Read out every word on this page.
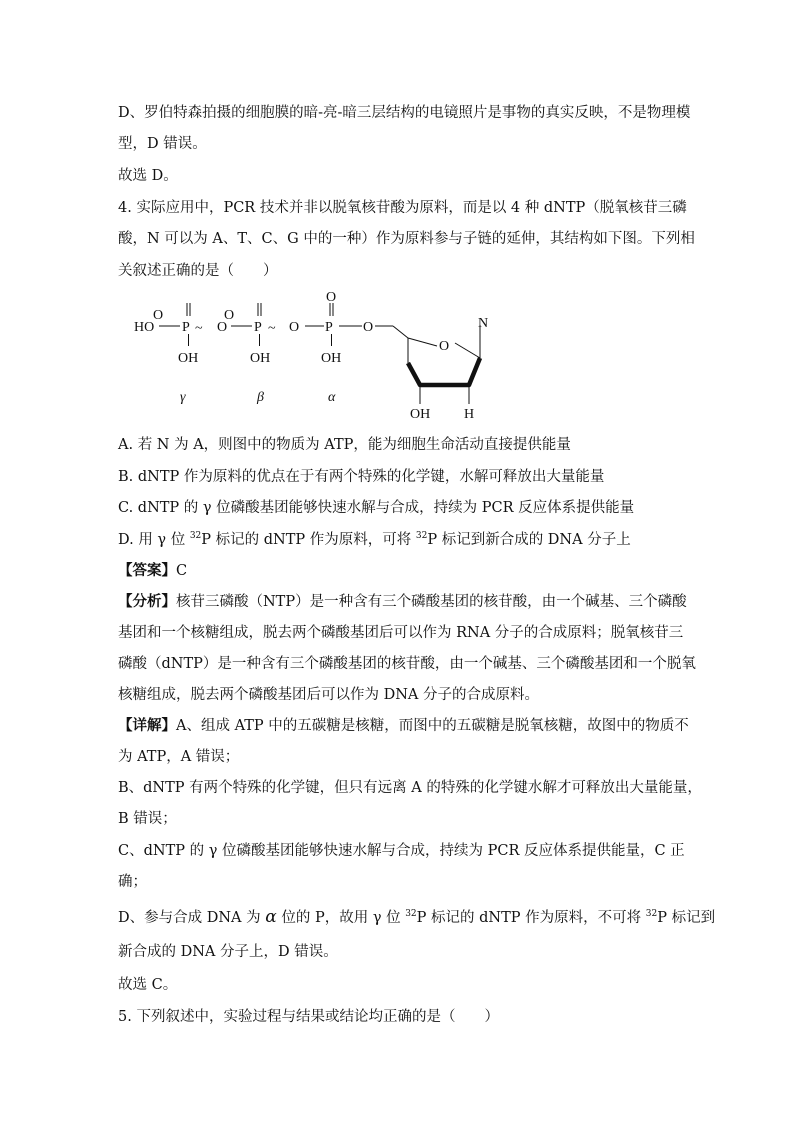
D、罗伯特森拍摄的细胞膜的暗-亮-暗三层结构的电镜照片是事物的真实反映，不是物理模
型，D 错误。
故选 D。
4. 实际应用中，PCR 技术并非以脱氧核苷酸为原料，而是以 4 种 dNTP（脱氧核苷三磷
酸，N 可以为 A、T、C、G 中的一种）作为原料参与子链的延伸，其结构如下图。下列相
关叙述正确的是（　　）
O
P
HO
OH
~ O
O
P
OH
~ O
O
P
OH
O
O
N
OH H
γ	β	α
A. 若 N 为 A，则图中的物质为 ATP，能为细胞生命活动直接提供能量
B. dNTP 作为原料的优点在于有两个特殊的化学键，水解可释放出大量能量
C. dNTP 的 γ 位磷酸基团能够快速水解与合成，持续为 PCR 反应体系提供能量
D. 用 γ 位 $^{32}$P 标记的 dNTP 作为原料，可将 $^{32}$P 标记到新合成的 DNA 分子上
【答案】C
【分析】核苷三磷酸（NTP）是一种含有三个磷酸基团的核苷酸，由一个碱基、三个磷酸
基团和一个核糖组成，脱去两个磷酸基团后可以作为 RNA 分子的合成原料；脱氧核苷三
磷酸（dNTP）是一种含有三个磷酸基团的核苷酸，由一个碱基、三个磷酸基团和一个脱氧
核糖组成，脱去两个磷酸基团后可以作为 DNA 分子的合成原料。
【详解】A、组成 ATP 中的五碳糖是核糖，而图中的五碳糖是脱氧核糖，故图中的物质不
为 ATP，A 错误；
B、dNTP 有两个特殊的化学键，但只有远离 A 的特殊的化学键水解才可释放出大量能量，
B 错误；
C、dNTP 的 γ 位磷酸基团能够快速水解与合成，持续为 PCR 反应体系提供能量，C 正
确；
D、参与合成 DNA 为 α 位的 P，故用 γ 位 $^{32}$P 标记的 dNTP 作为原料，不可将 $^{32}$P 标记到
新合成的 DNA 分子上，D 错误。
故选 C。
5. 下列叙述中，实验过程与结果或结论均正确的是（　　）
